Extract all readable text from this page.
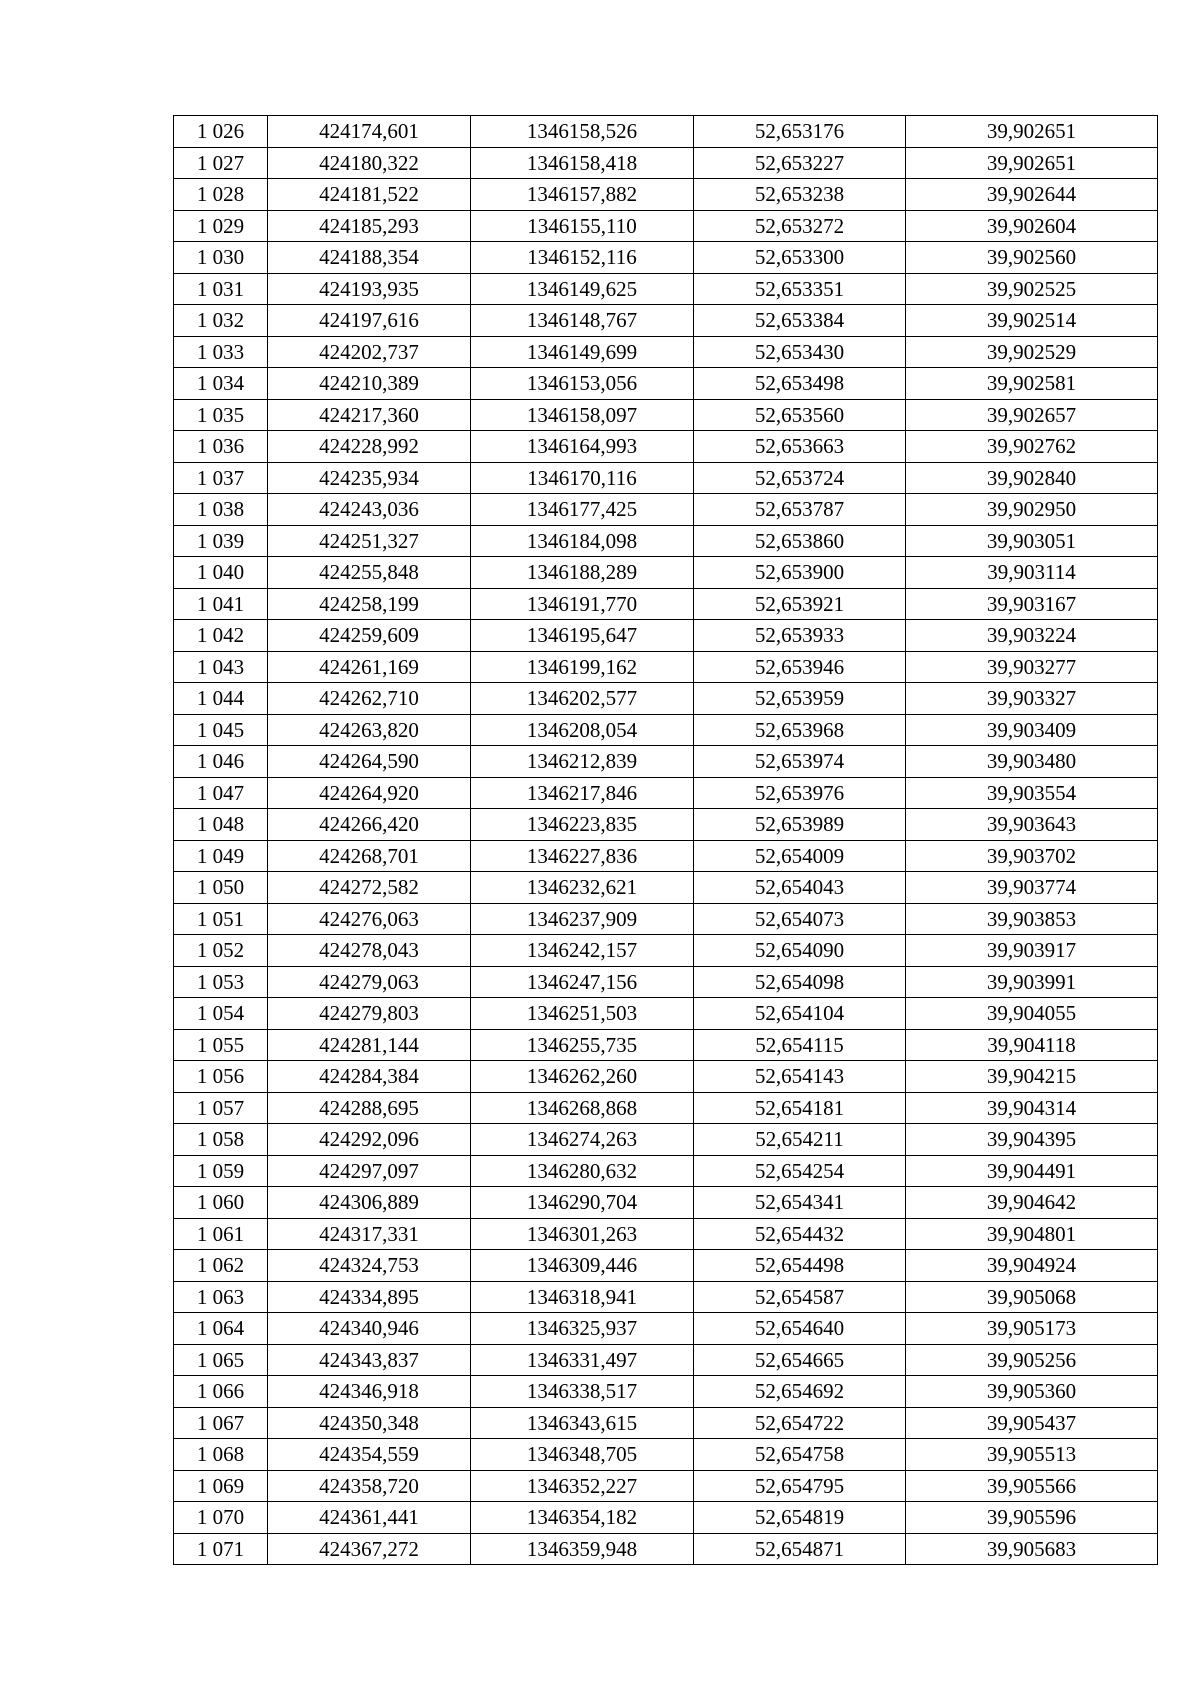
1 026	424174,601	1346158,526	52,653176	39,902651
1 027	424180,322	1346158,418	52,653227	39,902651
1 028	424181,522	1346157,882	52,653238	39,902644
1 029	424185,293	1346155,110	52,653272	39,902604
1 030	424188,354	1346152,116	52,653300	39,902560
1 031	424193,935	1346149,625	52,653351	39,902525
1 032	424197,616	1346148,767	52,653384	39,902514
1 033	424202,737	1346149,699	52,653430	39,902529
1 034	424210,389	1346153,056	52,653498	39,902581
1 035	424217,360	1346158,097	52,653560	39,902657
1 036	424228,992	1346164,993	52,653663	39,902762
1 037	424235,934	1346170,116	52,653724	39,902840
1 038	424243,036	1346177,425	52,653787	39,902950
1 039	424251,327	1346184,098	52,653860	39,903051
1 040	424255,848	1346188,289	52,653900	39,903114
1 041	424258,199	1346191,770	52,653921	39,903167
1 042	424259,609	1346195,647	52,653933	39,903224
1 043	424261,169	1346199,162	52,653946	39,903277
1 044	424262,710	1346202,577	52,653959	39,903327
1 045	424263,820	1346208,054	52,653968	39,903409
1 046	424264,590	1346212,839	52,653974	39,903480
1 047	424264,920	1346217,846	52,653976	39,903554
1 048	424266,420	1346223,835	52,653989	39,903643
1 049	424268,701	1346227,836	52,654009	39,903702
1 050	424272,582	1346232,621	52,654043	39,903774
1 051	424276,063	1346237,909	52,654073	39,903853
1 052	424278,043	1346242,157	52,654090	39,903917
1 053	424279,063	1346247,156	52,654098	39,903991
1 054	424279,803	1346251,503	52,654104	39,904055
1 055	424281,144	1346255,735	52,654115	39,904118
1 056	424284,384	1346262,260	52,654143	39,904215
1 057	424288,695	1346268,868	52,654181	39,904314
1 058	424292,096	1346274,263	52,654211	39,904395
1 059	424297,097	1346280,632	52,654254	39,904491
1 060	424306,889	1346290,704	52,654341	39,904642
1 061	424317,331	1346301,263	52,654432	39,904801
1 062	424324,753	1346309,446	52,654498	39,904924
1 063	424334,895	1346318,941	52,654587	39,905068
1 064	424340,946	1346325,937	52,654640	39,905173
1 065	424343,837	1346331,497	52,654665	39,905256
1 066	424346,918	1346338,517	52,654692	39,905360
1 067	424350,348	1346343,615	52,654722	39,905437
1 068	424354,559	1346348,705	52,654758	39,905513
1 069	424358,720	1346352,227	52,654795	39,905566
1 070	424361,441	1346354,182	52,654819	39,905596
1 071	424367,272	1346359,948	52,654871	39,905683
